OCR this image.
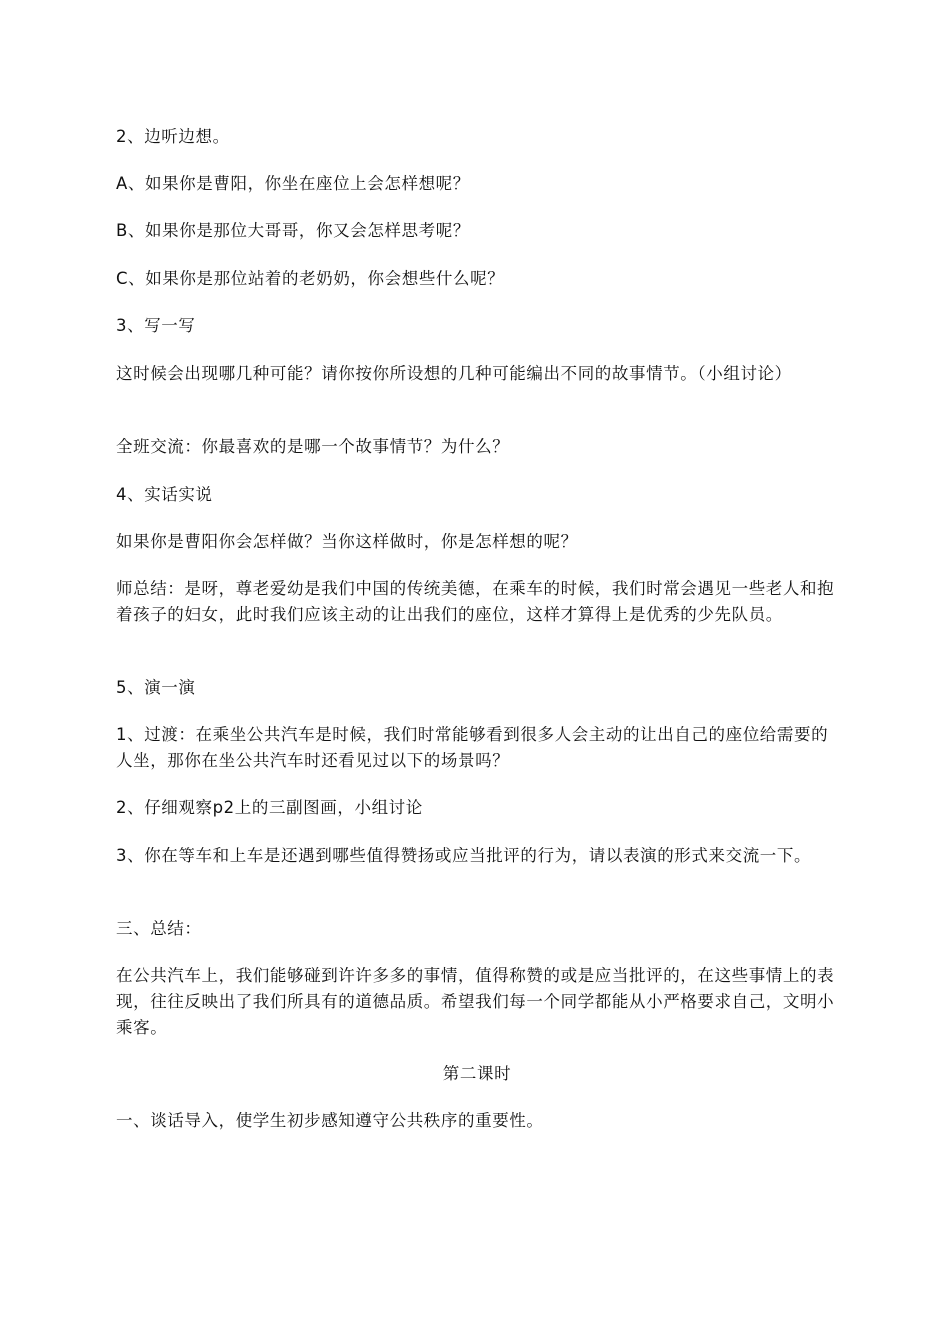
2、边听边想。

A、如果你是曹阳，你坐在座位上会怎样想呢？

B、如果你是那位大哥哥，你又会怎样思考呢？

C、如果你是那位站着的老奶奶，你会想些什么呢？

3、写一写

这时候会出现哪几种可能？请你按你所设想的几种可能编出不同的故事情节。（小组讨论）

全班交流：你最喜欢的是哪一个故事情节？为什么？

4、实话实说

如果你是曹阳你会怎样做？当你这样做时，你是怎样想的呢？

师总结：是呀，尊老爱幼是我们中国的传统美德，在乘车的时候，我们时常会遇见一些老人和抱着孩子的妇女，此时我们应该主动的让出我们的座位，这样才算得上是优秀的少先队员。

5、演一演

1、过渡：在乘坐公共汽车是时候，我们时常能够看到很多人会主动的让出自己的座位给需要的人坐，那你在坐公共汽车时还看见过以下的场景吗？

2、仔细观察p2上的三副图画，小组讨论

3、你在等车和上车是还遇到哪些值得赞扬或应当批评的行为，请以表演的形式来交流一下。

三、总结：

在公共汽车上，我们能够碰到许许多多的事情，值得称赞的或是应当批评的，在这些事情上的表现，往往反映出了我们所具有的道德品质。希望我们每一个同学都能从小严格要求自己，文明小乘客。

第二课时

一、谈话导入，使学生初步感知遵守公共秩序的重要性。
